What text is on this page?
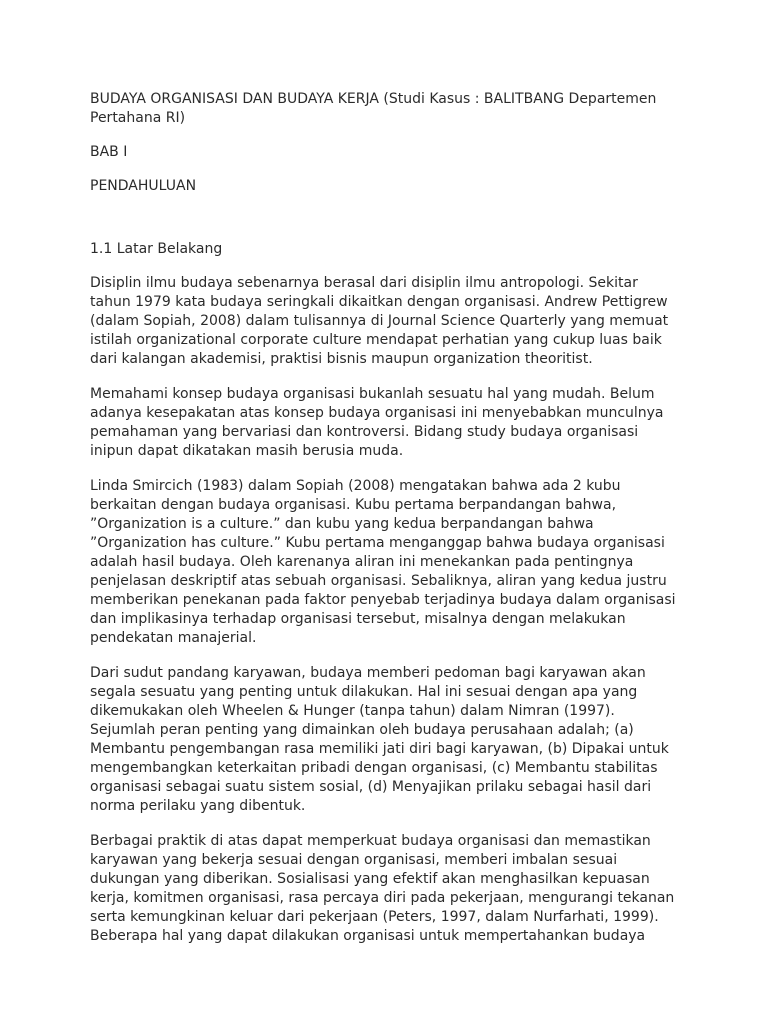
BUDAYA ORGANISASI DAN BUDAYA KERJA (Studi Kasus : BALITBANG Departemen Pertahana RI)

BAB I

PENDAHULUAN

1.1 Latar Belakang

Disiplin ilmu budaya sebenarnya berasal dari disiplin ilmu antropologi. Sekitar tahun 1979 kata budaya seringkali dikaitkan dengan organisasi. Andrew Pettigrew (dalam Sopiah, 2008) dalam tulisannya di Journal Science Quarterly yang memuat istilah organizational corporate culture mendapat perhatian yang cukup luas baik dari kalangan akademisi, praktisi bisnis maupun organization theoritist.

Memahami konsep budaya organisasi bukanlah sesuatu hal yang mudah. Belum adanya kesepakatan atas konsep budaya organisasi ini menyebabkan munculnya pemahaman yang bervariasi dan kontroversi. Bidang study budaya organisasi inipun dapat dikatakan masih berusia muda.

Linda Smircich (1983) dalam Sopiah (2008) mengatakan bahwa ada 2 kubu berkaitan dengan budaya organisasi. Kubu pertama berpandangan bahwa, ”Organization is a culture.” dan kubu yang kedua berpandangan bahwa ”Organization has culture.” Kubu pertama menganggap bahwa budaya organisasi adalah hasil budaya. Oleh karenanya aliran ini menekankan pada pentingnya penjelasan deskriptif atas sebuah organisasi. Sebaliknya, aliran yang kedua justru memberikan penekanan pada faktor penyebab terjadinya budaya dalam organisasi dan implikasinya terhadap organisasi tersebut, misalnya dengan melakukan pendekatan manajerial.

Dari sudut pandang karyawan, budaya memberi pedoman bagi karyawan akan segala sesuatu yang penting untuk dilakukan. Hal ini sesuai dengan apa yang dikemukakan oleh Wheelen & Hunger (tanpa tahun) dalam Nimran (1997). Sejumlah peran penting yang dimainkan oleh budaya perusahaan adalah; (a) Membantu pengembangan rasa memiliki jati diri bagi karyawan, (b) Dipakai untuk mengembangkan keterkaitan pribadi dengan organisasi, (c) Membantu stabilitas organisasi sebagai suatu sistem sosial, (d) Menyajikan prilaku sebagai hasil dari norma perilaku yang dibentuk.

Berbagai praktik di atas dapat memperkuat budaya organisasi dan memastikan karyawan yang bekerja sesuai dengan organisasi, memberi imbalan sesuai dukungan yang diberikan. Sosialisasi yang efektif akan menghasilkan kepuasan kerja, komitmen organisasi, rasa percaya diri pada pekerjaan, mengurangi tekanan serta kemungkinan keluar dari pekerjaan (Peters, 1997, dalam Nurfarhati, 1999). Beberapa hal yang dapat dilakukan organisasi untuk mempertahankan budaya
